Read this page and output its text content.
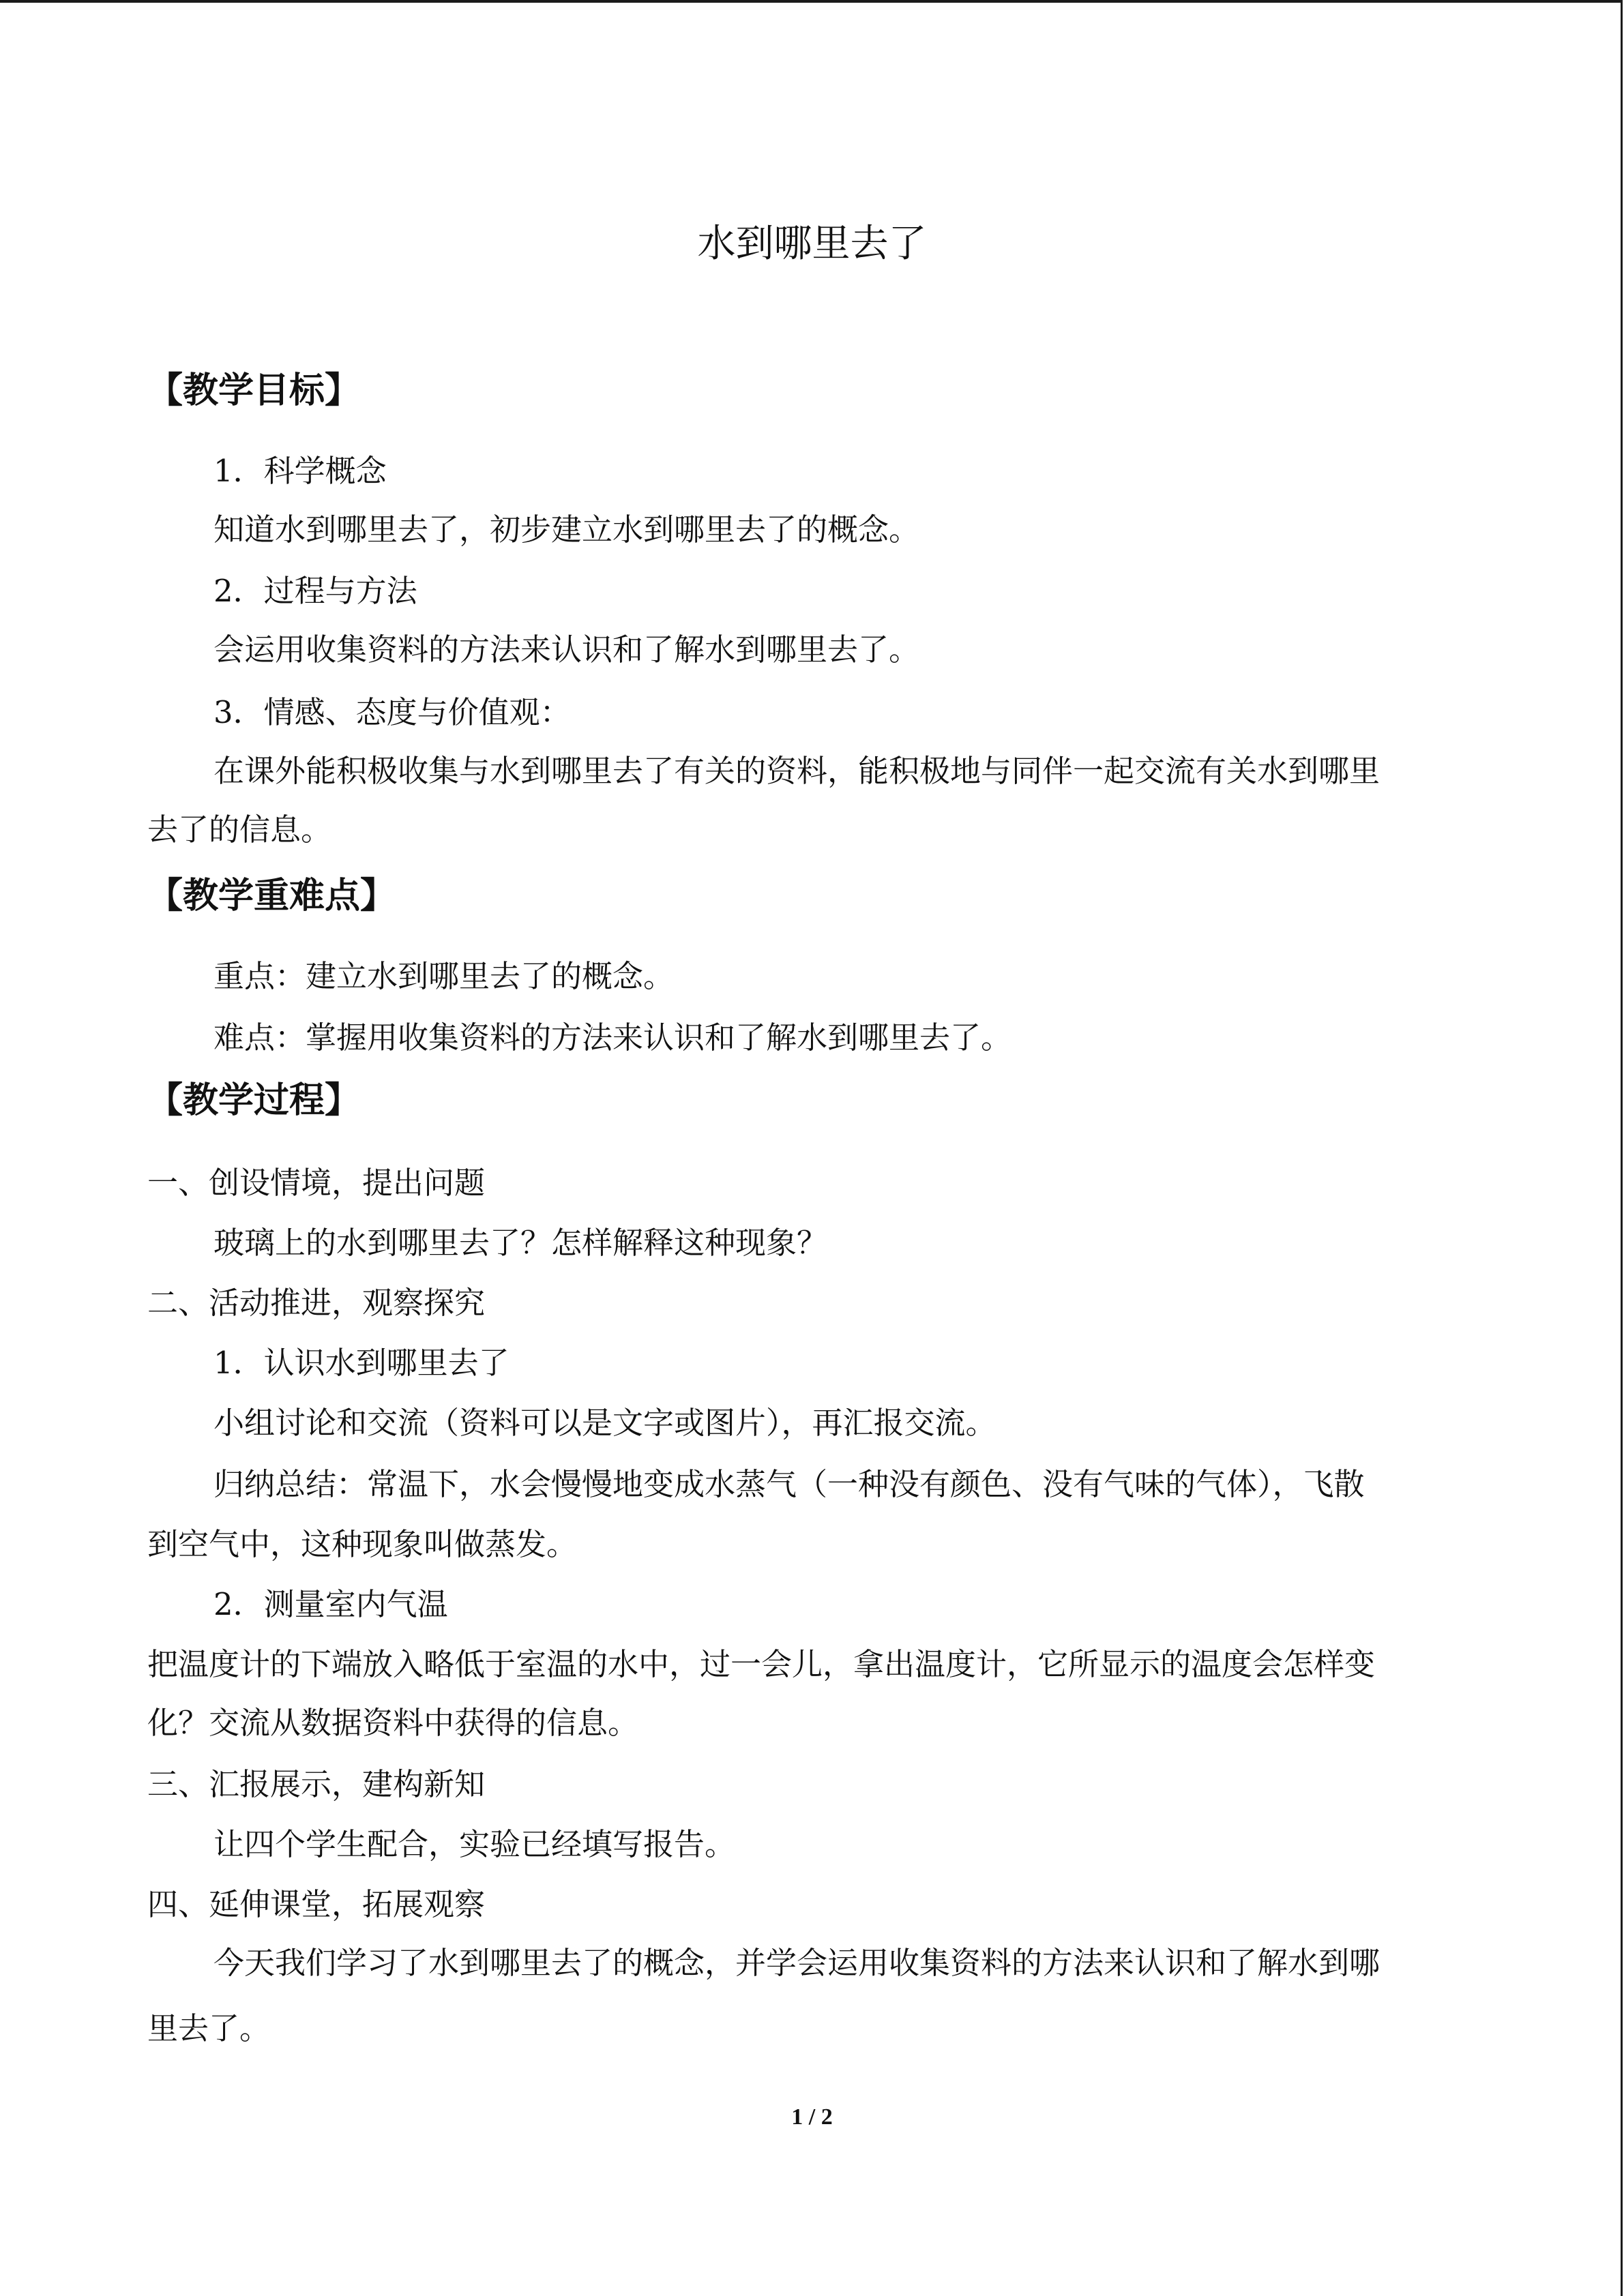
水到哪里去了
【教学目标】
1．科学概念
知道水到哪里去了，初步建立水到哪里去了的概念。
2．过程与方法
会运用收集资料的方法来认识和了解水到哪里去了。
3．情感、态度与价值观：
在课外能积极收集与水到哪里去了有关的资料，能积极地与同伴一起交流有关水到哪里
去了的信息。
【教学重难点】
重点：建立水到哪里去了的概念。
难点：掌握用收集资料的方法来认识和了解水到哪里去了。
【教学过程】
一、创设情境，提出问题
玻璃上的水到哪里去了？怎样解释这种现象？
二、活动推进，观察探究
1．认识水到哪里去了
小组讨论和交流（资料可以是文字或图片），再汇报交流。
归纳总结：常温下，水会慢慢地变成水蒸气（一种没有颜色、没有气味的气体），飞散
到空气中，这种现象叫做蒸发。
2．测量室内气温
把温度计的下端放入略低于室温的水中，过一会儿，拿出温度计，它所显示的温度会怎样变
化？交流从数据资料中获得的信息。
三、汇报展示，建构新知
让四个学生配合，实验已经填写报告。
四、延伸课堂，拓展观察
今天我们学习了水到哪里去了的概念，并学会运用收集资料的方法来认识和了解水到哪
里去了。
1 / 2
